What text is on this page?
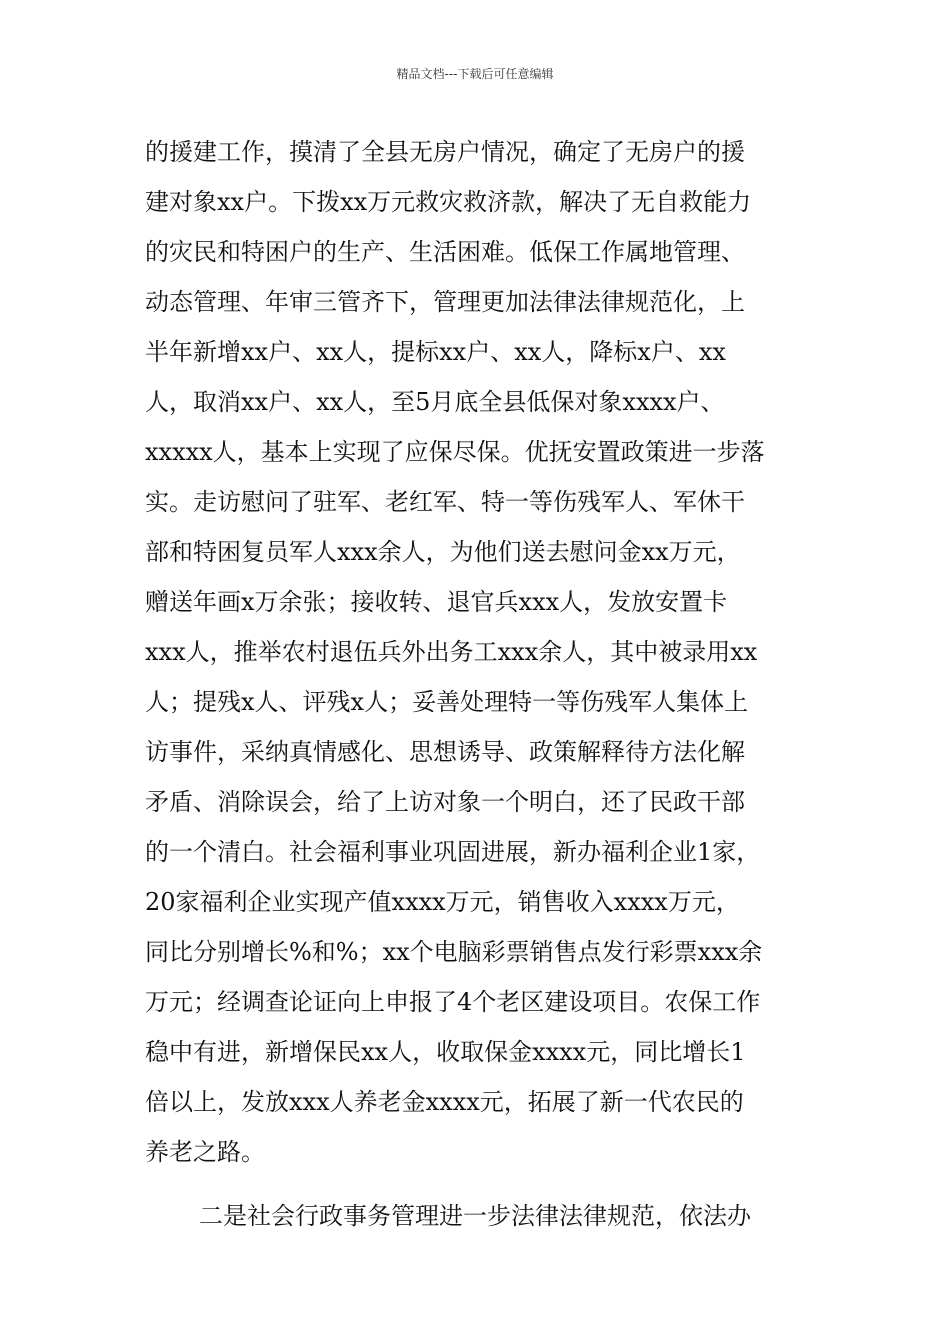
精品文档---下载后可任意编辑
的援建工作，摸清了全县无房户情况，确定了无房户的援
建对象xx户。下拨xx万元救灾救济款，解决了无自救能力
的灾民和特困户的生产、生活困难。低保工作属地管理、
动态管理、年审三管齐下，管理更加法律法律规范化，上
半年新增xx户、xx人，提标xx户、xx人，降标x户、xx
人，取消xx户、xx人，至5月底全县低保对象xxxx户、
xxxxx人，基本上实现了应保尽保。优抚安置政策进一步落
实。走访慰问了驻军、老红军、特一等伤残军人、军休干
部和特困复员军人xxx余人，为他们送去慰问金xx万元，
赠送年画x万余张；接收转、退官兵xxx人，发放安置卡
xxx人，推举农村退伍兵外出务工xxx余人，其中被录用xx
人；提残x人、评残x人；妥善处理特一等伤残军人集体上
访事件，采纳真情感化、思想诱导、政策解释待方法化解
矛盾、消除误会，给了上访对象一个明白，还了民政干部
的一个清白。社会福利事业巩固进展，新办福利企业1家，
20家福利企业实现产值xxxx万元，销售收入xxxx万元，
同比分别增长%和%；xx个电脑彩票销售点发行彩票xxx余
万元；经调查论证向上申报了4个老区建设项目。农保工作
稳中有进，新增保民xx人，收取保金xxxx元，同比增长1
倍以上，发放xxx人养老金xxxx元，拓展了新一代农民的
养老之路。
二是社会行政事务管理进一步法律法律规范，依法办
